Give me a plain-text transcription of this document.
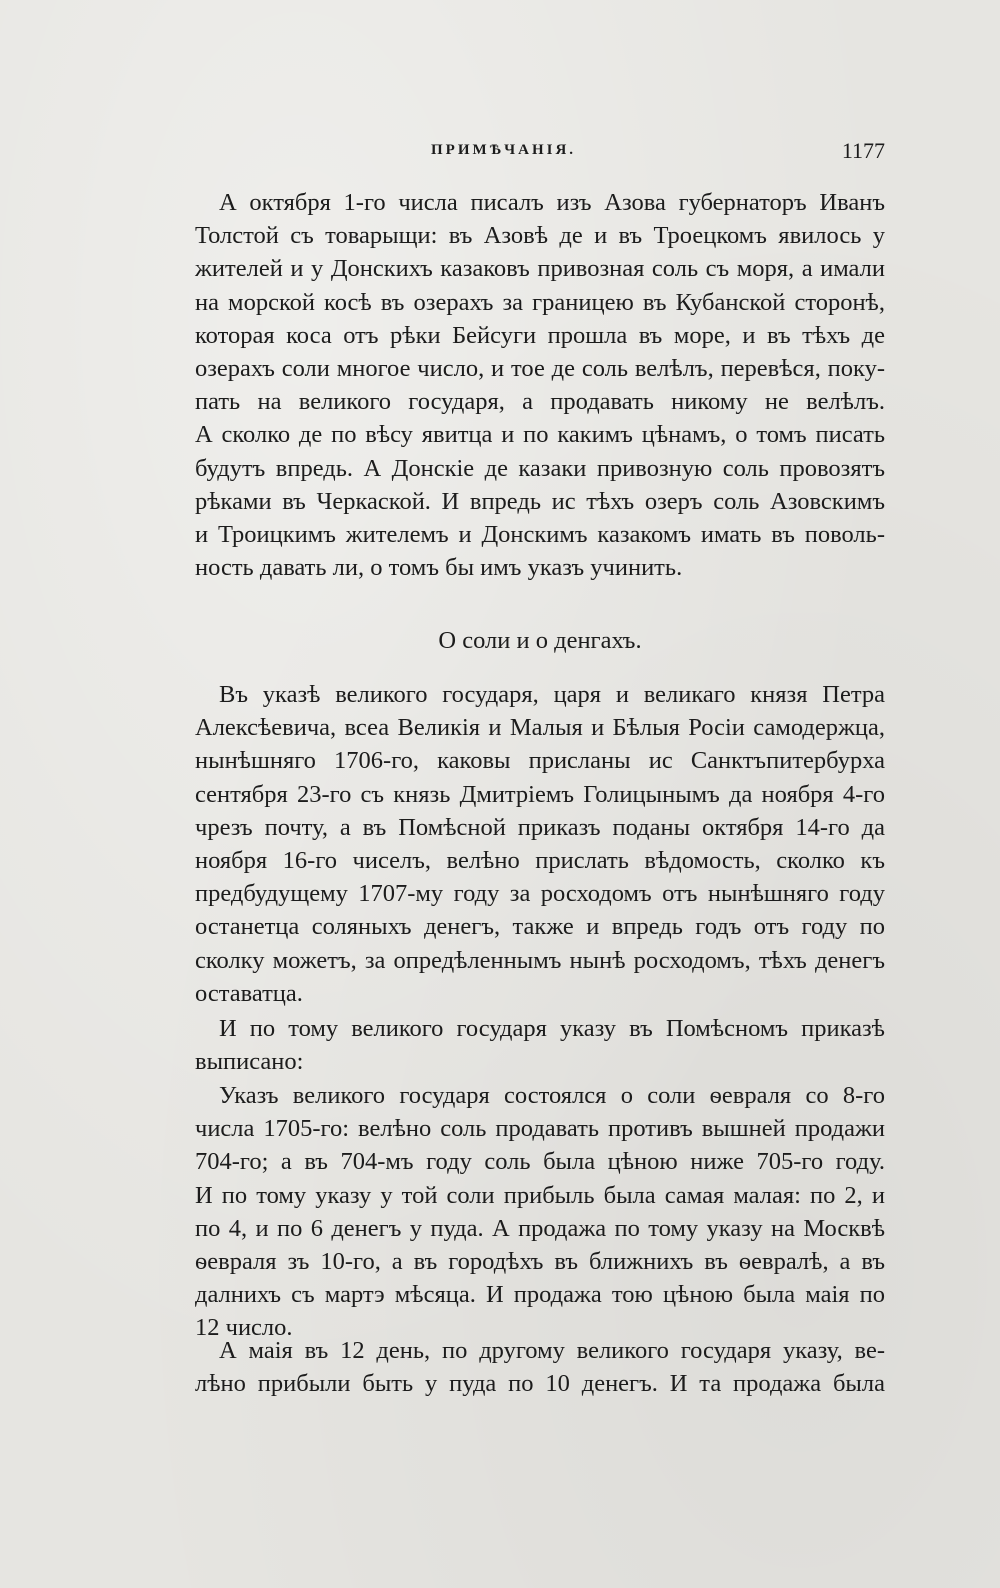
ПРИМѢЧАНІЯ.	1177
А октября 1-го числа писалъ изъ Азова губернаторъ Иванъ
Толстой съ товарыщи: въ Азовѣ де и въ Троецкомъ явилось у
жителей и у Донскихъ казаковъ привозная соль съ моря, а имали
на морской косѣ въ озерахъ за границею въ Кубанской сторонѣ,
которая коса отъ рѣки Бейсуги прошла въ море, и въ тѣхъ де
озерахъ соли многое число, и тое де соль велѣлъ, перевѣся, поку-
пать на великого государя, а продавать никому не велѣлъ.
А сколко де по вѣсу явитца и по какимъ цѣнамъ, о томъ писать
будутъ впредь. А Донскіе де казаки привозную соль провозятъ
рѣками въ Черкаской. И впредь ис тѣхъ озеръ соль Азовскимъ
и Троицкимъ жителемъ и Донскимъ казакомъ имать въ поволь-
ность давать ли, о томъ бы имъ указъ учинить.
О соли и о денгахъ.
Въ указѣ великого государя, царя и великаго князя Петра
Алексѣевича, всеа Великія и Малыя и Бѣлыя Росіи самодержца,
нынѣшняго 1706-го, каковы присланы ис Санктъпитербурха
сентября 23-го съ князь Дмитріемъ Голицынымъ да ноября 4-го
чрезъ почту, а въ Помѣсной приказъ поданы октября 14-го да
ноября 16-го чиселъ, велѣно прислать вѣдомость, сколко къ
предбудущему 1707-му году за росходомъ отъ нынѣшняго году
останетца соляныхъ денегъ, также и впредь годъ отъ году по
сколку можетъ, за опредѣленнымъ нынѣ росходомъ, тѣхъ денегъ
оставатца.
И по тому великого государя указу въ Помѣсномъ приказѣ
выписано:
Указъ великого государя состоялся о соли ѳевраля со 8-го
числа 1705-го: велѣно соль продавать противъ вышней продажи
704-го; а въ 704-мъ году соль была цѣною ниже 705-го году.
И по тому указу у той соли прибыль была самая малая: по 2, и
по 4, и по 6 денегъ у пуда. А продажа по тому указу на Москвѣ
ѳевраля зъ 10-го, а въ городѣхъ въ ближнихъ въ ѳевралѣ, а въ
далнихъ съ мартэ мѣсяца. И продажа тою цѣною была маія по
12 число.
А маія въ 12 день, по другому великого государя указу, ве-
лѣно прибыли быть у пуда по 10 денегъ. И та продажа была
